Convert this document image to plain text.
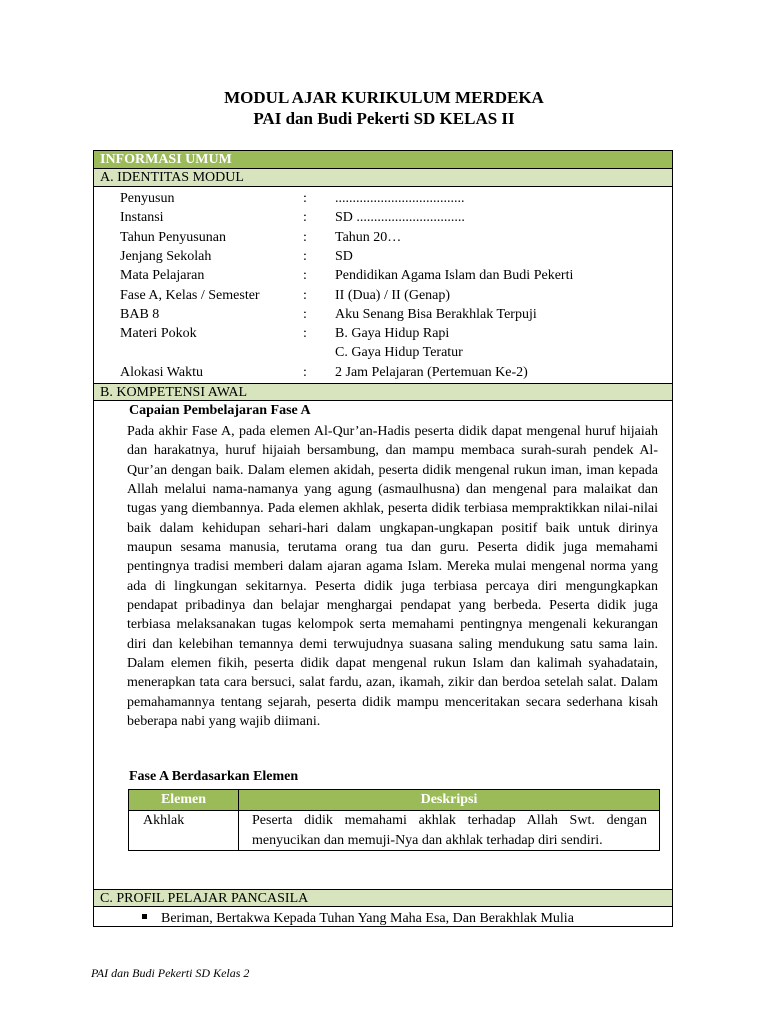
MODUL AJAR KURIKULUM MERDEKA
PAI dan Budi Pekerti SD KELAS II
INFORMASI UMUM
A. IDENTITAS MODUL
Penyusun	: .....................................
Instansi	: SD ...............................
Tahun Penyusunan	: Tahun 20…
Jenjang Sekolah	: SD
Mata Pelajaran	: Pendidikan Agama Islam dan Budi Pekerti
Fase A, Kelas / Semester	: II (Dua) / II (Genap)
BAB 8	: Aku Senang Bisa Berakhlak Terpuji
Materi Pokok	: B. Gaya Hidup Rapi
C. Gaya Hidup Teratur
Alokasi Waktu	: 2 Jam Pelajaran (Pertemuan Ke-2)
B. KOMPETENSI AWAL
Capaian Pembelajaran Fase A
Pada akhir Fase A, pada elemen Al-Qur’an-Hadis peserta didik dapat mengenal huruf hijaiah dan harakatnya, huruf hijaiah bersambung, dan mampu membaca surah-surah pendek Al-Qur’an dengan baik. Dalam elemen akidah, peserta didik mengenal rukun iman, iman kepada Allah melalui nama-namanya yang agung (asmaulhusna) dan mengenal para malaikat dan tugas yang diembannya. Pada elemen akhlak, peserta didik terbiasa mempraktikkan nilai-nilai baik dalam kehidupan sehari-hari dalam ungkapan-ungkapan positif baik untuk dirinya maupun sesama manusia, terutama orang tua dan guru. Peserta didik juga memahami pentingnya tradisi memberi dalam ajaran agama Islam. Mereka mulai mengenal norma yang ada di lingkungan sekitarnya. Peserta didik juga terbiasa percaya diri mengungkapkan pendapat pribadinya dan belajar menghargai pendapat yang berbeda. Peserta didik juga terbiasa melaksanakan tugas kelompok serta memahami pentingnya mengenali kekurangan diri dan kelebihan temannya demi terwujudnya suasana saling mendukung satu sama lain. Dalam elemen fikih, peserta didik dapat mengenal rukun Islam dan kalimah syahadatain, menerapkan tata cara bersuci, salat fardu, azan, ikamah, zikir dan berdoa setelah salat. Dalam pemahamannya tentang sejarah, peserta didik mampu menceritakan secara sederhana kisah beberapa nabi yang wajib diimani.
Fase A Berdasarkan Elemen
Elemen	Deskripsi
Akhlak	Peserta didik memahami akhlak terhadap Allah Swt. dengan menyucikan dan memuji-Nya dan akhlak terhadap diri sendiri.
C. PROFIL PELAJAR PANCASILA
Beriman, Bertakwa Kepada Tuhan Yang Maha Esa, Dan Berakhlak Mulia
PAI dan Budi Pekerti SD Kelas 2
